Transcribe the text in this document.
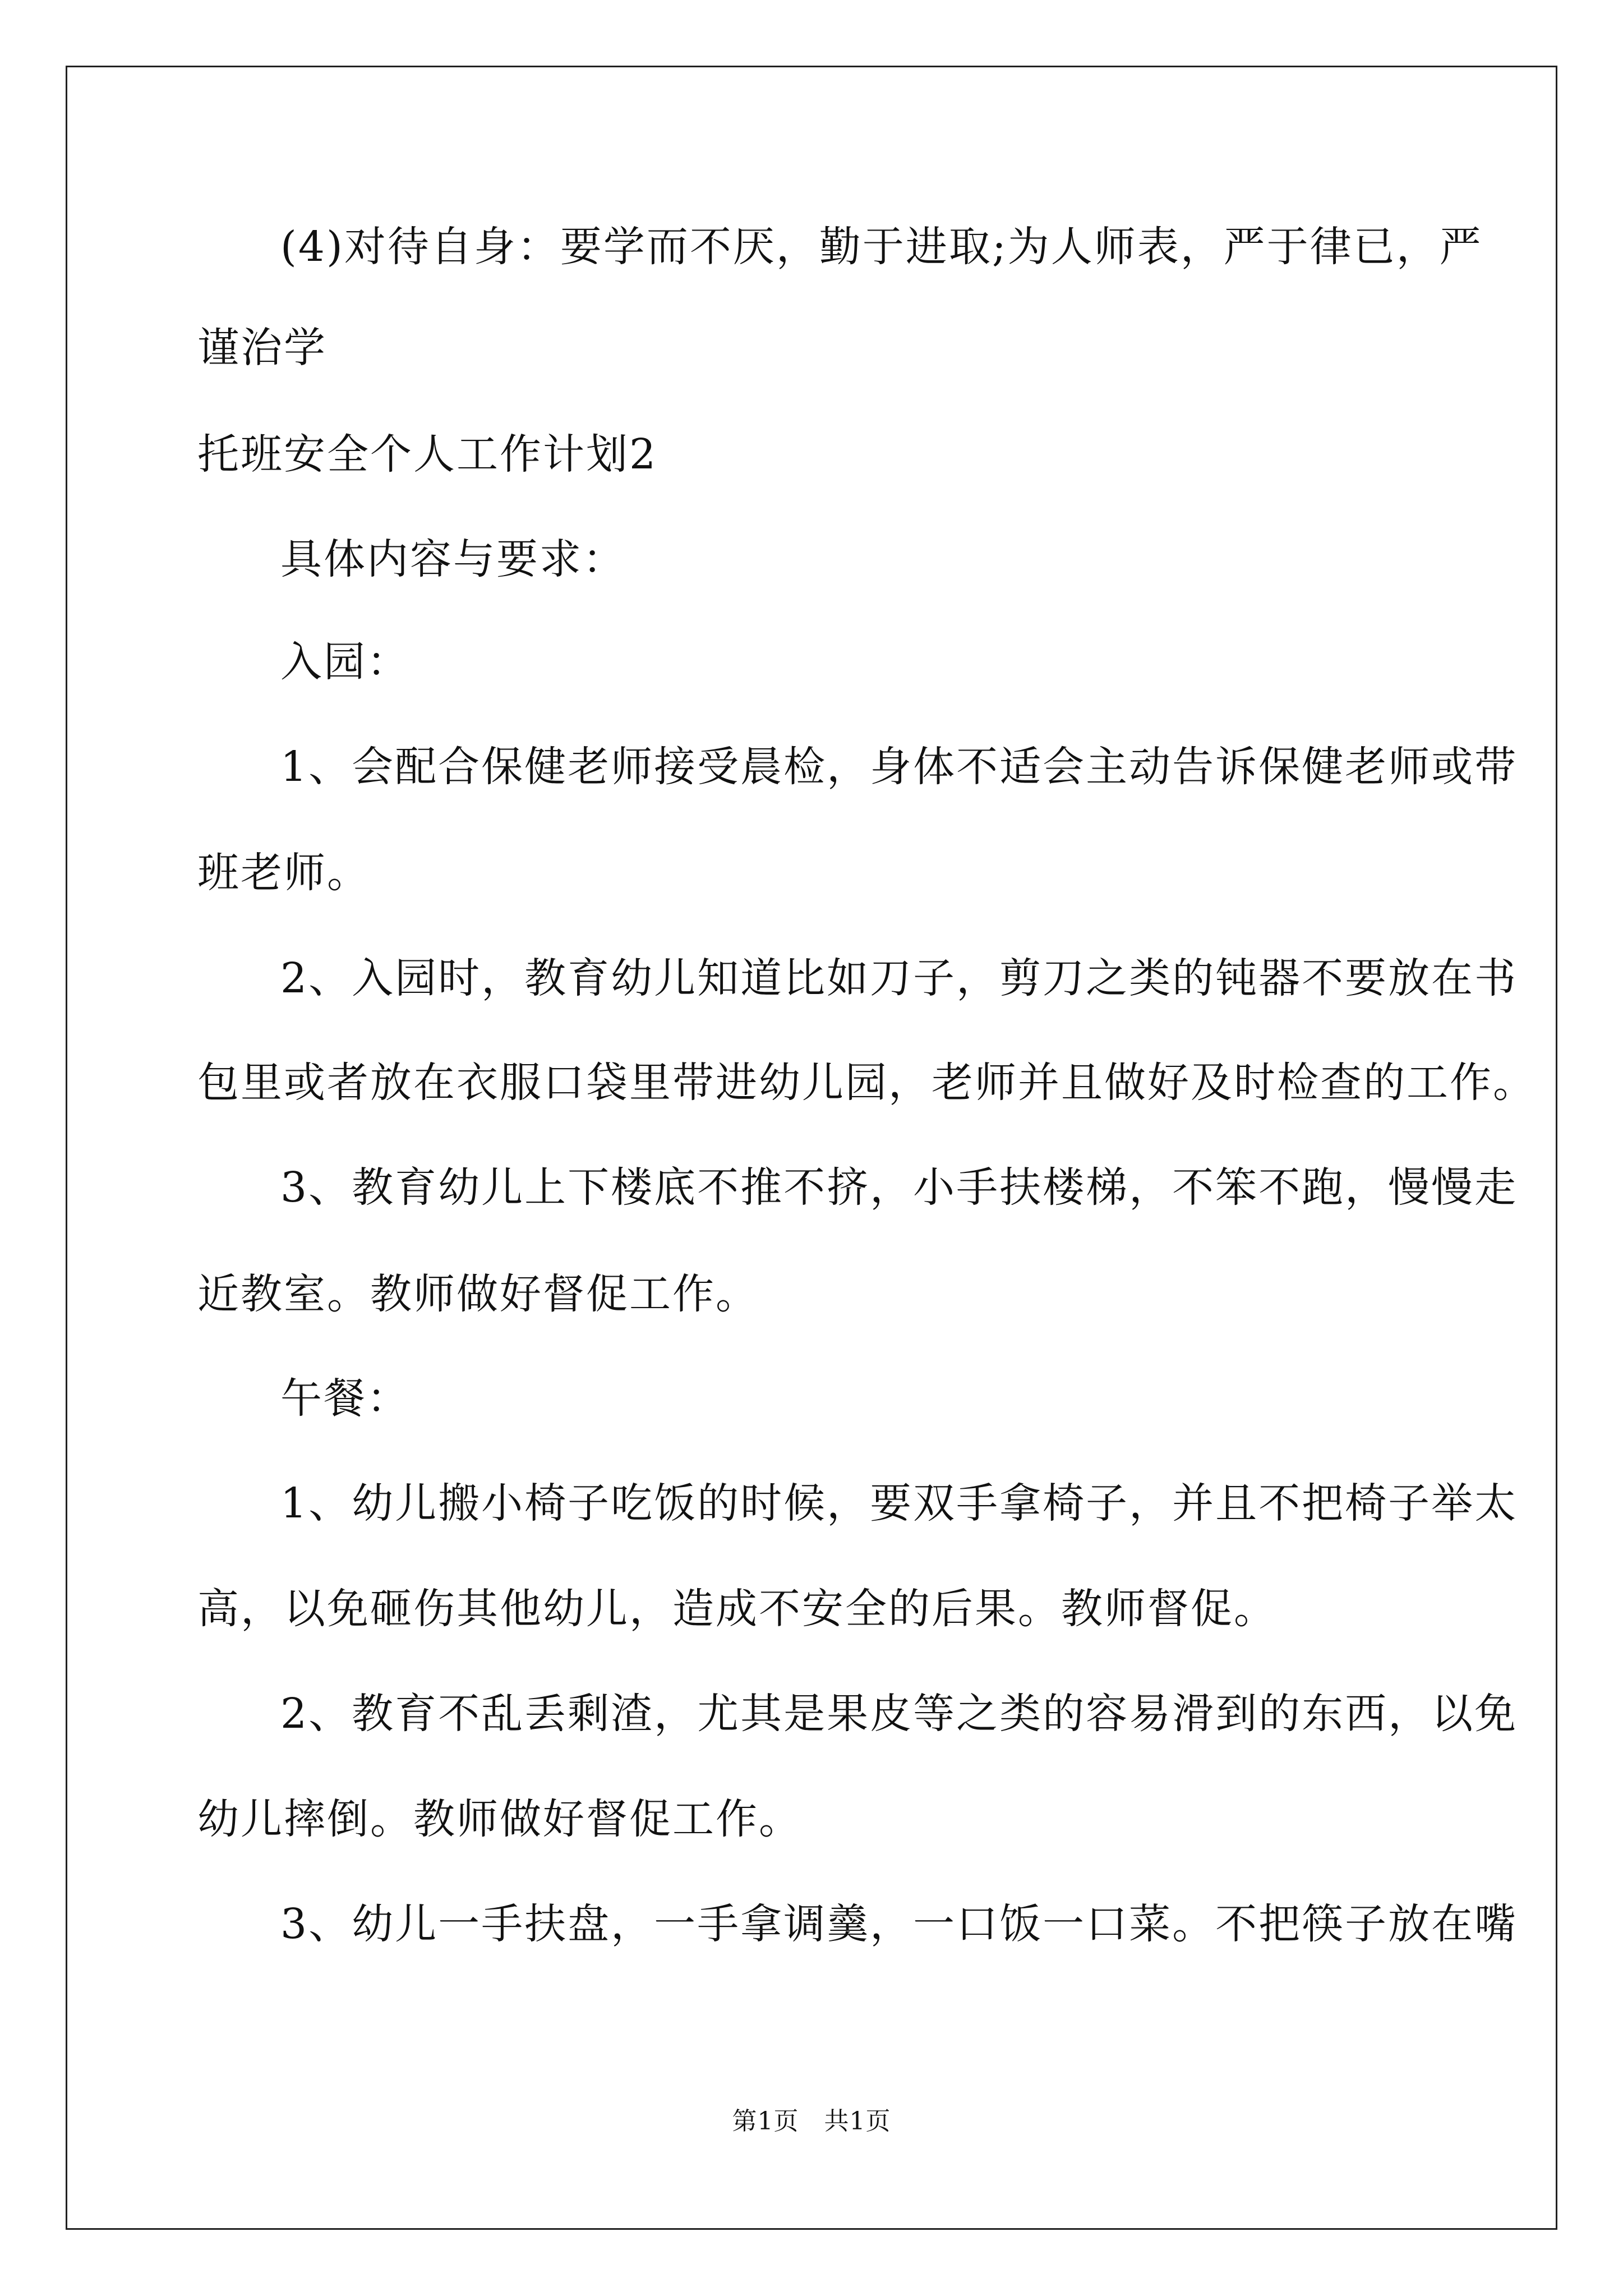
(4)对待自身：要学而不厌，勤于进取;为人师表，严于律已，严
谨治学
托班安全个人工作计划2
具体内容与要求：
入园：
1、会配合保健老师接受晨检，身体不适会主动告诉保健老师或带
班老师。
2、入园时，教育幼儿知道比如刀子，剪刀之类的钝器不要放在书
包里或者放在衣服口袋里带进幼儿园，老师并且做好及时检查的工作。
3、教育幼儿上下楼底不推不挤，小手扶楼梯，不笨不跑，慢慢走
近教室。教师做好督促工作。
午餐：
1、幼儿搬小椅子吃饭的时候，要双手拿椅子，并且不把椅子举太
高，以免砸伤其他幼儿，造成不安全的后果。教师督促。
2、教育不乱丢剩渣，尤其是果皮等之类的容易滑到的东西，以免
幼儿摔倒。教师做好督促工作。
3、幼儿一手扶盘，一手拿调羹，一口饭一口菜。不把筷子放在嘴
第1页　共1页
